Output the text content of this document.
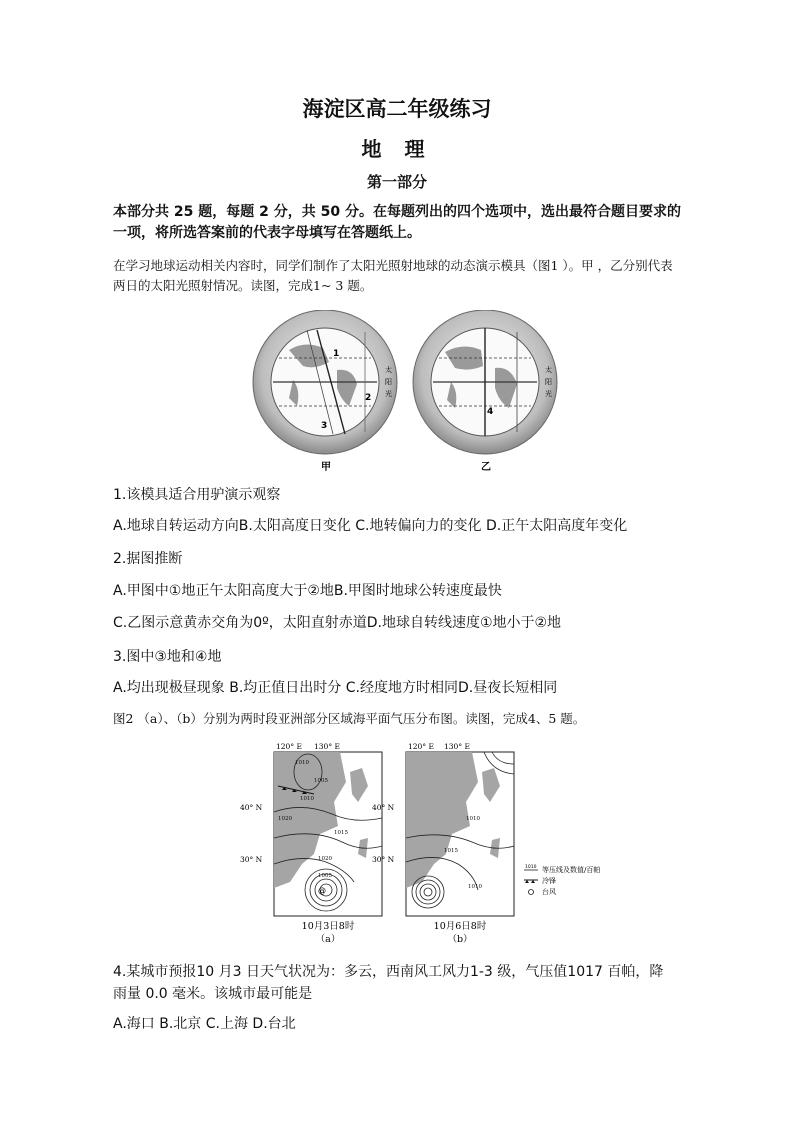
海淀区高二年级练习
地 理
第一部分
本部分共 25 题，每题 2 分，共 50 分。在每题列出的四个选项中，选出最符合题目要求的一项，将所选答案前的代表字母填写在答题纸上。
在学习地球运动相关内容时，同学们制作了太阳光照射地球的动态演示模具（图1 ）。甲 ，乙分别代表两日的太阳光照射情况。读图，完成1~ 3 题。
1
2
3
太
阳
光
甲
4
太
阳
光
乙
1.该模具适合用驴演示观察
A.地球自转运动方向B.太阳高度日变化 C.地转偏向力的变化 D.正午太阳高度年变化
2.据图推断
A.甲图中①地正午太阳高度大于②地B.甲图时地球公转速度最快
C.乙图示意黄赤交角为0º，太阳直射赤道D.地球自转线速度①地小于②地
3.图中③地和④地
A.均出现极昼现象 B.均正值日出时分 C.经度地方时相同D.昼夜长短相同
图2 （a）、（b）分别为两时段亚洲部分区域海平面气压分布图。读图，完成4、5 题。
120° E 130° E
@
1010
1005
1010
1020
1015
1020
1005
40° N
30° N
10月3日8时
（a）
120° E 130° E
1010
1015
1010
40° N
30° N
10月6日8时
（b）
1010 等压线及数值/百帕
冷锋
台风
4.某城市预报10 月3 日天气状况为：多云，西南风工风力1-3 级，气压值1017 百帕，降雨量 0.0 毫米。该城市最可能是
A.海口 B.北京 C.上海 D.台北
